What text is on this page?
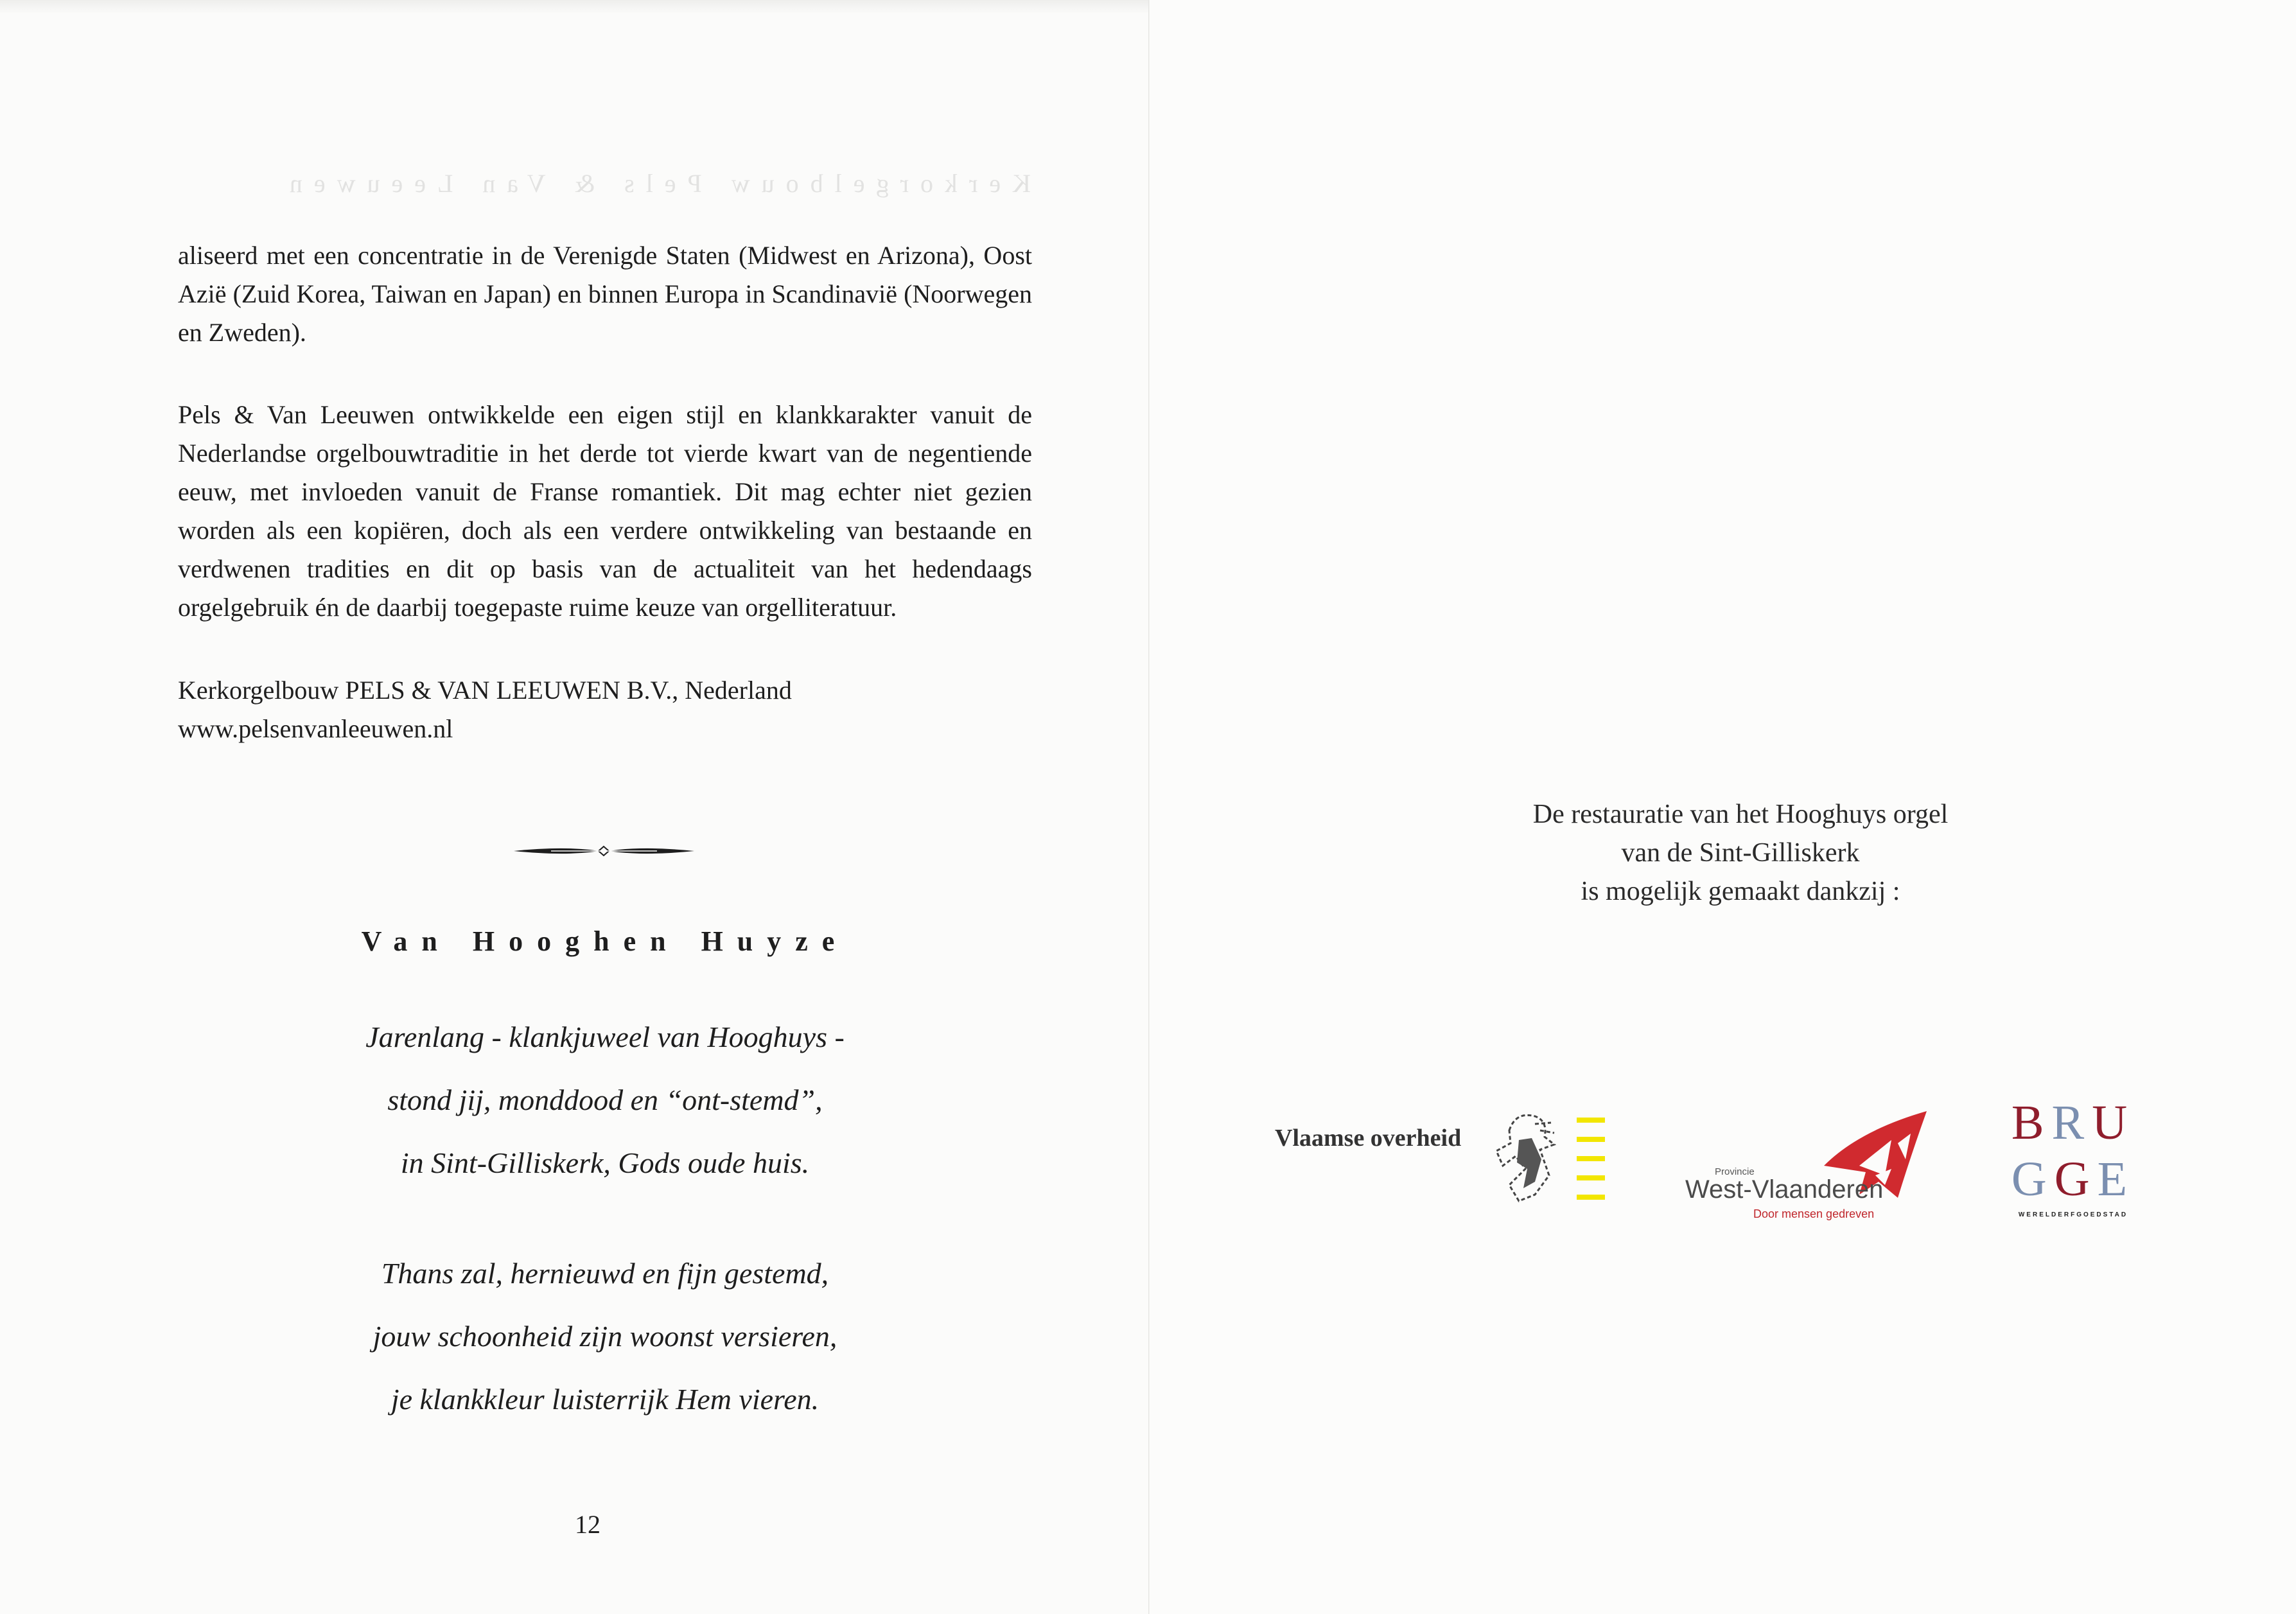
Kerkorgelbouw Pels & Van Leeuwen

aliseerd met een concentratie in de Verenigde Staten (Midwest en Arizona), Oost Azië (Zuid Korea, Taiwan en Japan) en binnen Europa in Scandinavië (Noorwegen en Zweden).

Pels & Van Leeuwen ontwikkelde een eigen stijl en klankkarakter vanuit de Nederlandse orgelbouwtraditie in het derde tot vierde kwart van de negentiende eeuw, met invloeden vanuit de Franse romantiek. Dit mag echter niet gezien worden als een kopiëren, doch als een verdere ontwikkeling van bestaande en verdwenen tradities en dit op basis van de actualiteit van het hedendaags orgelgebruik én de daarbij toegepaste ruime keuze van orgelliteratuur.

Kerkorgelbouw PELS & VAN LEEUWEN B.V., Nederland

www.pelsenvanleeuwen.nl

Van Hooghen Huyze
Jarenlang - klankjuweel van Hooghuys -
stond jij, monddood en “ont-stemd”,
in Sint-Gilliskerk, Gods oude huis.
Thans zal, hernieuwd en fijn gestemd,
jouw schoonheid zijn woonst versieren,
je klankkleur luisterrijk Hem vieren.
12
De restauratie van het Hooghuys orgel
van de Sint-Gilliskerk
is mogelijk gemaakt dankzij :
Vlaamse overheid
Provincie
West-Vlaanderen
Door mensen gedreven
BRU
GGE
WERELDERFGOEDSTAD
